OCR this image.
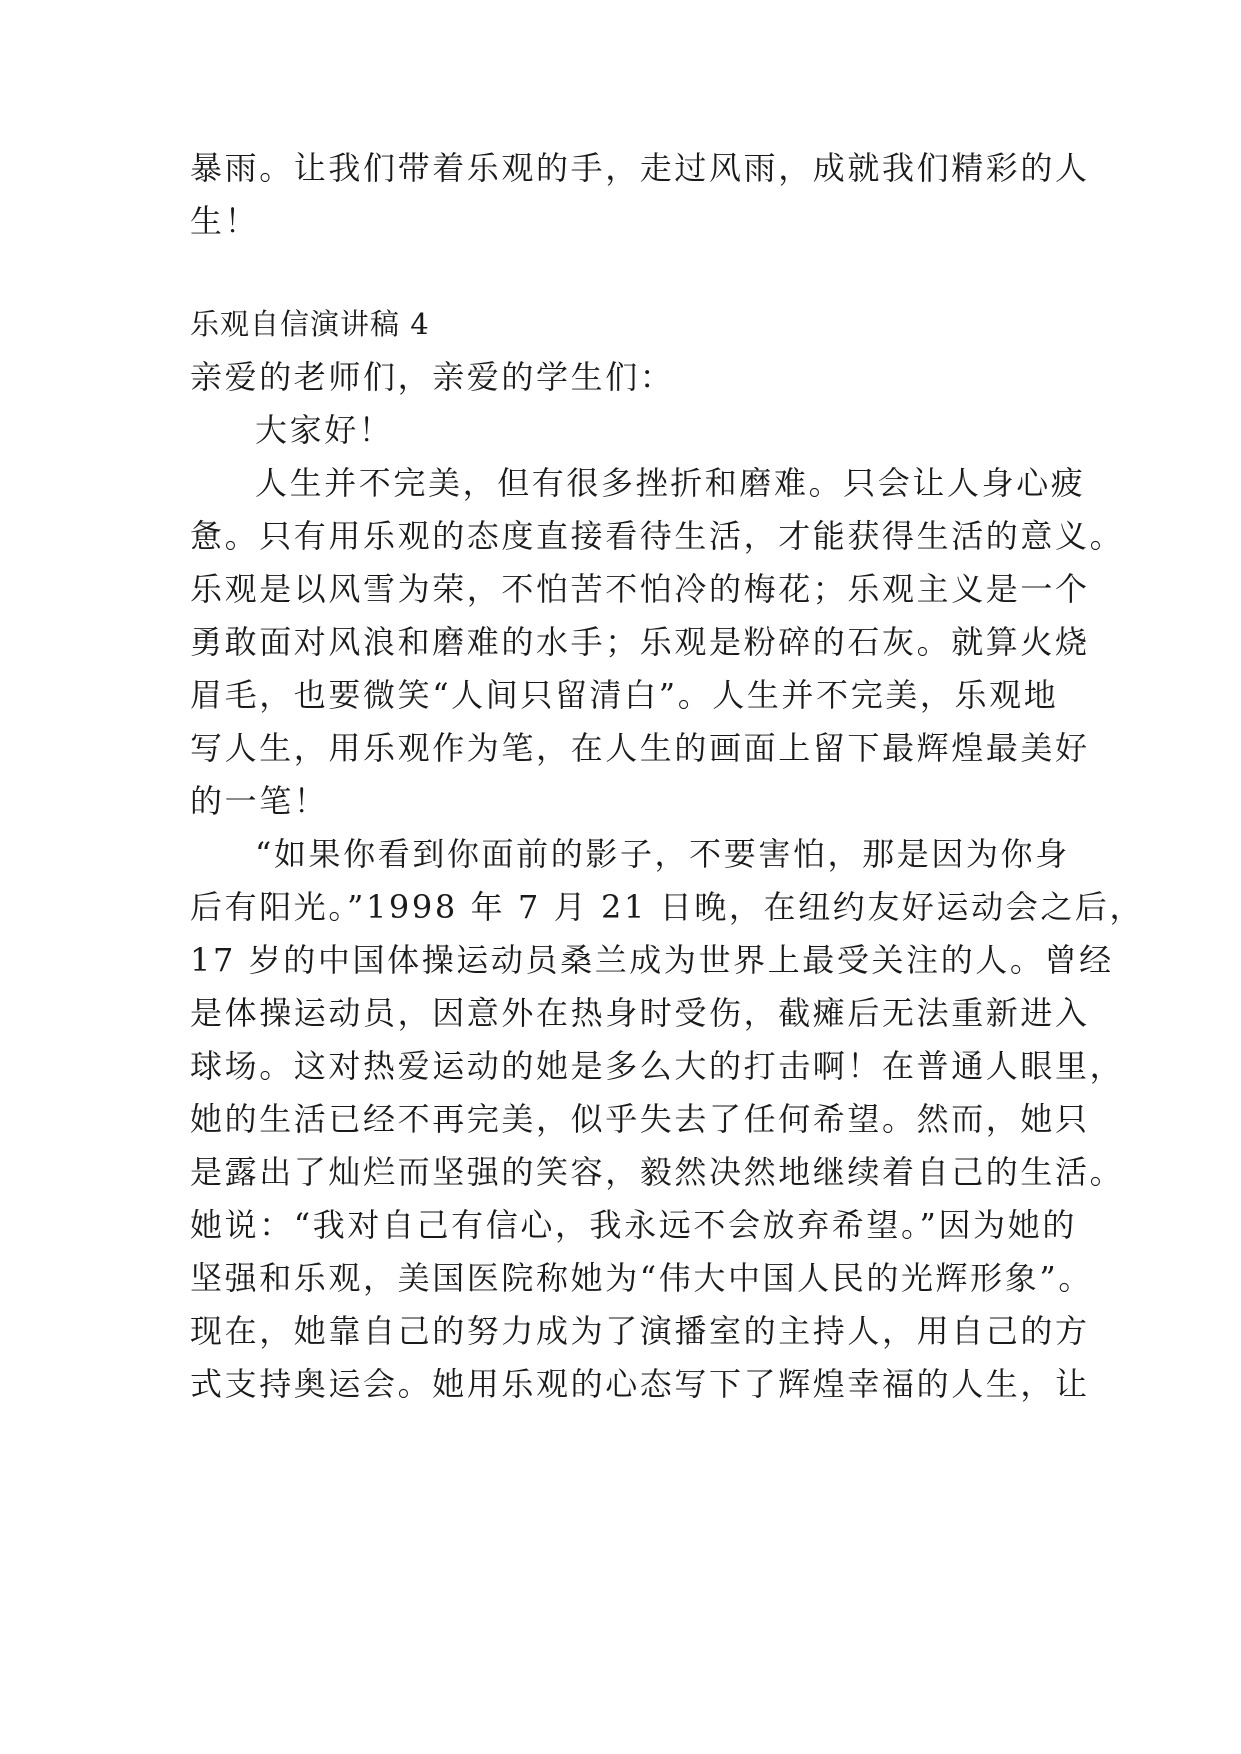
暴雨。让我们带着乐观的手，走过风雨，成就我们精彩的人
生！
乐观自信演讲稿 4
亲爱的老师们，亲爱的学生们：
大家好！
人生并不完美，但有很多挫折和磨难。只会让人身心疲
惫。只有用乐观的态度直接看待生活，才能获得生活的意义。
乐观是以风雪为荣，不怕苦不怕冷的梅花；乐观主义是一个
勇敢面对风浪和磨难的水手；乐观是粉碎的石灰。就算火烧
眉毛，也要微笑“人间只留清白”。人生并不完美，乐观地
写人生，用乐观作为笔，在人生的画面上留下最辉煌最美好
的一笔！
“如果你看到你面前的影子，不要害怕，那是因为你身
后有阳光。”1998 年 7 月 21 日晚，在纽约友好运动会之后，
17 岁的中国体操运动员桑兰成为世界上最受关注的人。曾经
是体操运动员，因意外在热身时受伤，截瘫后无法重新进入
球场。这对热爱运动的她是多么大的打击啊！在普通人眼里，
她的生活已经不再完美，似乎失去了任何希望。然而，她只
是露出了灿烂而坚强的笑容，毅然决然地继续着自己的生活。
她说：“我对自己有信心，我永远不会放弃希望。”因为她的
坚强和乐观，美国医院称她为“伟大中国人民的光辉形象”。
现在，她靠自己的努力成为了演播室的主持人，用自己的方
式支持奥运会。她用乐观的心态写下了辉煌幸福的人生，让
